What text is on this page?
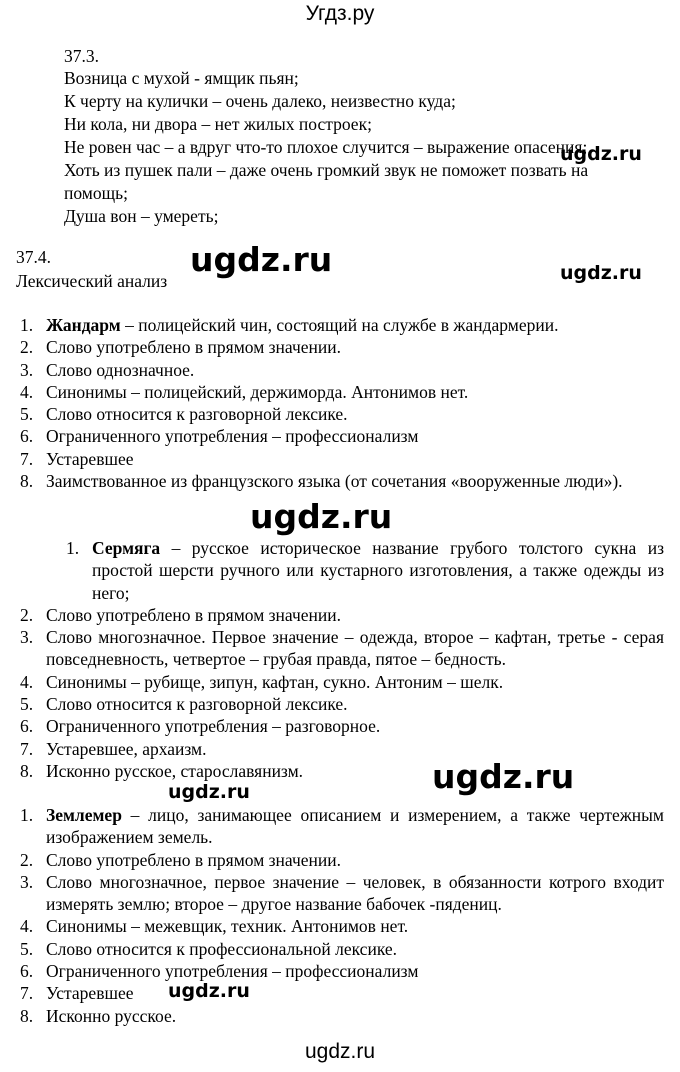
Угдз.ру
37.3.
Возница с мухой - ямщик пьян;
К черту на кулички – очень далеко, неизвестно куда;
Ни кола, ни двора – нет жилых построек;
Не ровен час – а вдруг что-то плохое случится – выражение опасения;
Хоть из пушек пали – даже очень громкий звук не поможет позвать на
помощь;
Душа вон – умереть;
37.4.
Лексический анализ
1. Жандарм – полицейский чин, состоящий на службе в жандармерии.
2. Слово употреблено в прямом значении.
3. Слово однозначное.
4. Синонимы – полицейский, держиморда. Антонимов нет.
5. Слово относится к разговорной лексике.
6. Ограниченного употребления – профессионализм
7. Устаревшее
8. Заимствованное из французского языка (от сочетания «вооруженные люди»).
1. Сермяга – русское историческое название грубого толстого сукна из простой шерсти ручного или кустарного изготовления, а также одежды из него;
2. Слово употреблено в прямом значении.
3. Слово многозначное. Первое значение – одежда, второе – кафтан, третье - серая повседневность, четвертое – грубая правда, пятое – бедность.
4. Синонимы – рубище, зипун, кафтан, сукно. Антоним – шелк.
5. Слово относится к разговорной лексике.
6. Ограниченного употребления – разговорное.
7. Устаревшее, архаизм.
8. Исконно русское, старославянизм.
1. Землемер – лицо, занимающее описанием и измерением, а также чертежным изображением земель.
2. Слово употреблено в прямом значении.
3. Слово многозначное, первое значение – человек, в обязанности котрого входит измерять землю; второе – другое название бабочек -пядениц.
4. Синонимы – межевщик, техник. Антонимов нет.
5. Слово относится к профессиональной лексике.
6. Ограниченного употребления – профессионализм
7. Устаревшее
8. Исконно русское.
ugdz.ru
ugdz.ru	ugdz.ru
ugdz.ru
ugdz.ru
ugdz.ru
ugdz.ru
ugdz.ru
